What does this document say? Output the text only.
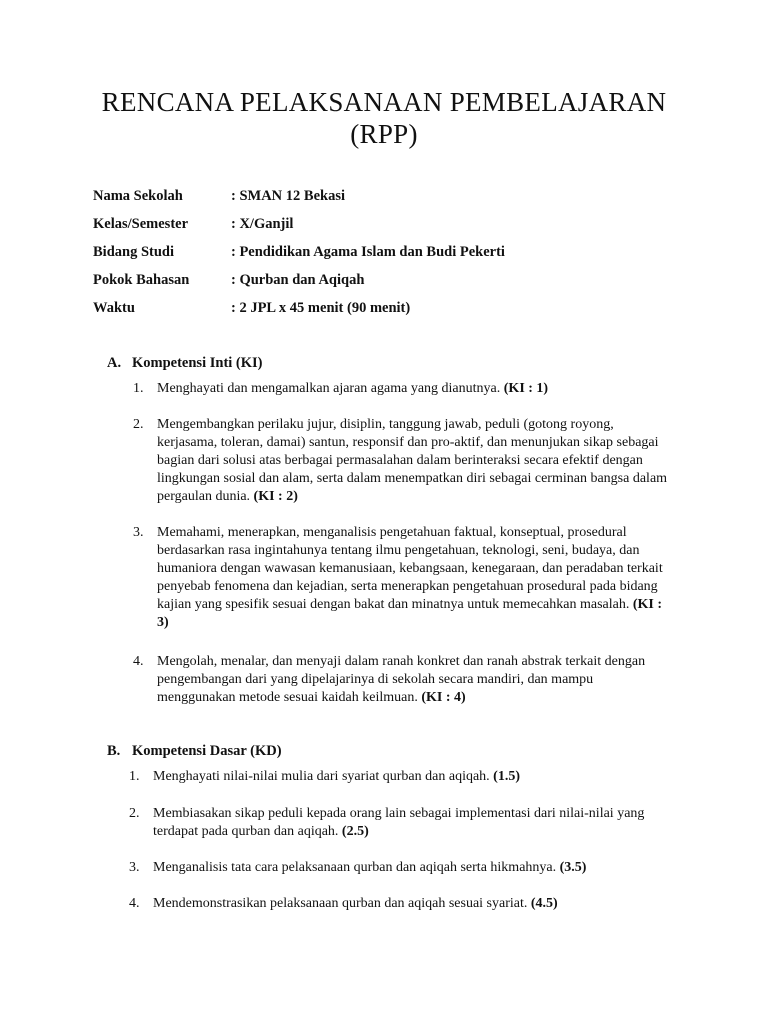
RENCANA PELAKSANAAN PEMBELAJARAN
(RPP)
Nama Sekolah	: SMAN 12 Bekasi
Kelas/Semester	: X/Ganjil
Bidang Studi	: Pendidikan Agama Islam dan Budi Pekerti
Pokok Bahasan	: Qurban dan Aqiqah
Waktu	: 2 JPL x 45 menit (90 menit)
A. Kompetensi Inti (KI)
1. Menghayati dan mengamalkan ajaran agama yang dianutnya. (KI : 1)
2. Mengembangkan perilaku jujur, disiplin, tanggung jawab, peduli (gotong royong, kerjasama, toleran, damai) santun, responsif dan pro-aktif, dan menunjukan sikap sebagai bagian dari solusi atas berbagai permasalahan dalam berinteraksi secara efektif dengan lingkungan sosial dan alam, serta dalam menempatkan diri sebagai cerminan bangsa dalam pergaulan dunia. (KI : 2)
3. Memahami, menerapkan, menganalisis pengetahuan faktual, konseptual, prosedural berdasarkan rasa ingintahunya tentang ilmu pengetahuan, teknologi, seni, budaya, dan humaniora dengan wawasan kemanusiaan, kebangsaan, kenegaraan, dan peradaban terkait penyebab fenomena dan kejadian, serta menerapkan pengetahuan prosedural pada bidang kajian yang spesifik sesuai dengan bakat dan minatnya untuk memecahkan masalah. (KI : 3)
4. Mengolah, menalar, dan menyaji dalam ranah konkret dan ranah abstrak terkait dengan pengembangan dari yang dipelajarinya di sekolah secara mandiri, dan mampu menggunakan metode sesuai kaidah keilmuan. (KI : 4)
B. Kompetensi Dasar (KD)
1. Menghayati nilai-nilai mulia dari syariat qurban dan aqiqah. (1.5)
2. Membiasakan sikap peduli kepada orang lain sebagai implementasi dari nilai-nilai yang terdapat pada qurban dan aqiqah. (2.5)
3. Menganalisis tata cara pelaksanaan qurban dan aqiqah serta hikmahnya. (3.5)
4. Mendemonstrasikan pelaksanaan qurban dan aqiqah sesuai syariat. (4.5)
